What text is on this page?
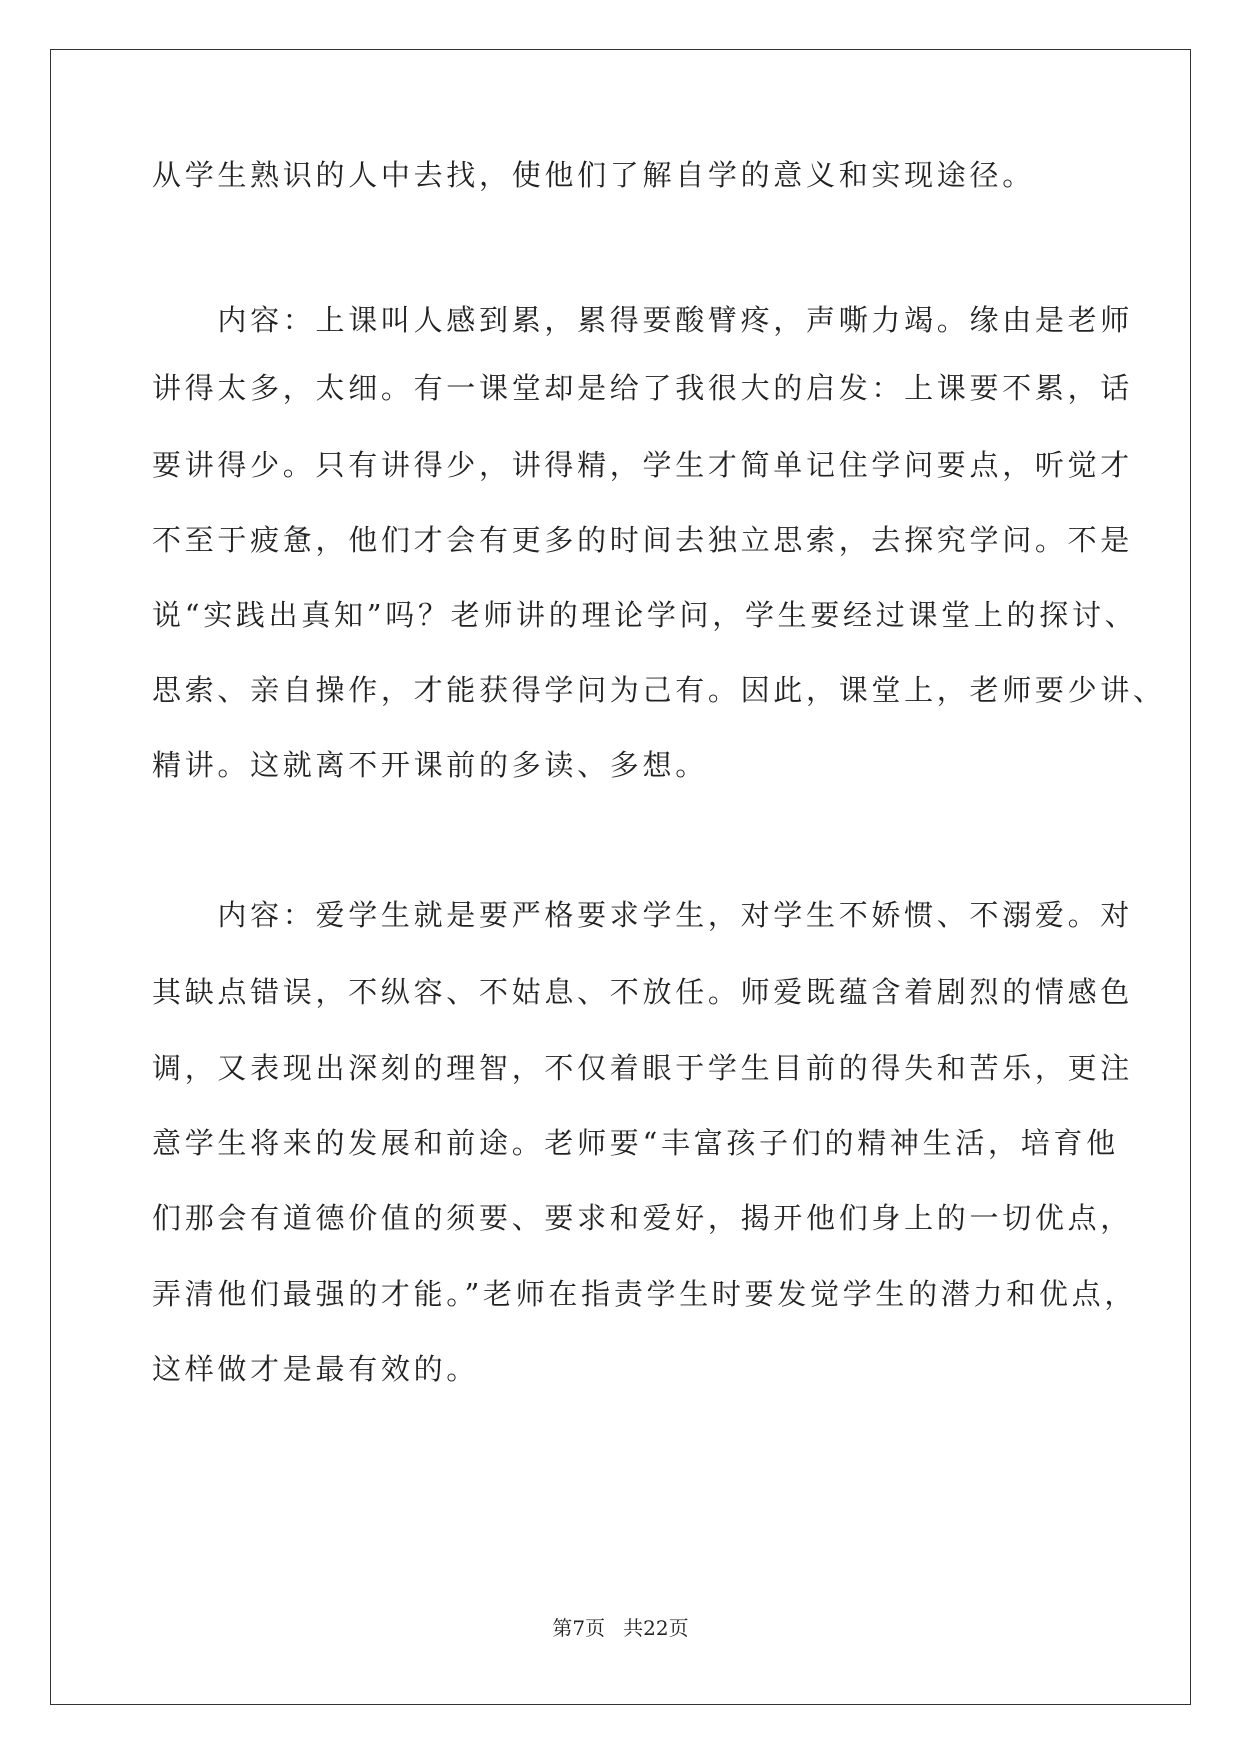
从学生熟识的人中去找，使他们了解自学的意义和实现途径。
　　内容：上课叫人感到累，累得要酸臂疼，声嘶力竭。缘由是老师
讲得太多，太细。有一课堂却是给了我很大的启发：上课要不累，话
要讲得少。只有讲得少，讲得精，学生才简单记住学问要点，听觉才
不至于疲惫，他们才会有更多的时间去独立思索，去探究学问。不是
说“实践出真知”吗？老师讲的理论学问，学生要经过课堂上的探讨、
思索、亲自操作，才能获得学问为己有。因此，课堂上，老师要少讲、
精讲。这就离不开课前的多读、多想。
　　内容：爱学生就是要严格要求学生，对学生不娇惯、不溺爱。对
其缺点错误，不纵容、不姑息、不放任。师爱既蕴含着剧烈的情感色
调，又表现出深刻的理智，不仅着眼于学生目前的得失和苦乐，更注
意学生将来的发展和前途。老师要“丰富孩子们的精神生活，培育他
们那会有道德价值的须要、要求和爱好，揭开他们身上的一切优点，
弄清他们最强的才能。”老师在指责学生时要发觉学生的潜力和优点，
这样做才是最有效的。
第7页 共22页
